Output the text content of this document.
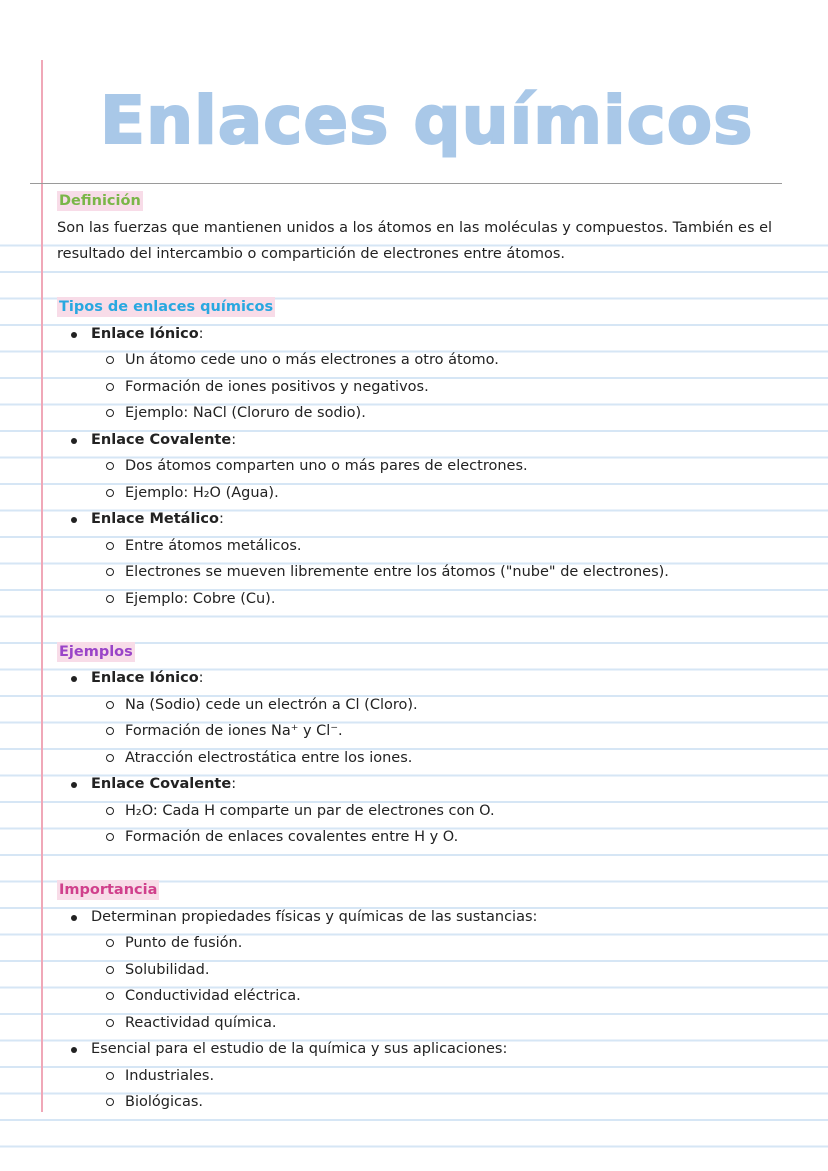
Enlaces químicos
Definición

Son las fuerzas que mantienen unidos a los átomos en las moléculas y compuestos. También es el resultado del intercambio o compartición de electrones entre átomos.

Tipos de enlaces químicos
Enlace Iónico:
Un átomo cede uno o más electrones a otro átomo.
Formación de iones positivos y negativos.
Ejemplo: NaCl (Cloruro de sodio).
Enlace Covalente:
Dos átomos comparten uno o más pares de electrones.
Ejemplo: H₂O (Agua).
Enlace Metálico:
Entre átomos metálicos.
Electrones se mueven libremente entre los átomos ("nube" de electrones).
Ejemplo: Cobre (Cu).
Ejemplos
Enlace Iónico:
Na (Sodio) cede un electrón a Cl (Cloro).
Formación de iones Na⁺ y Cl⁻.
Atracción electrostática entre los iones.
Enlace Covalente:
H₂O: Cada H comparte un par de electrones con O.
Formación de enlaces covalentes entre H y O.
Importancia
Determinan propiedades físicas y químicas de las sustancias:
Punto de fusión.
Solubilidad.
Conductividad eléctrica.
Reactividad química.
Esencial para el estudio de la química y sus aplicaciones:
Industriales.
Biológicas.
